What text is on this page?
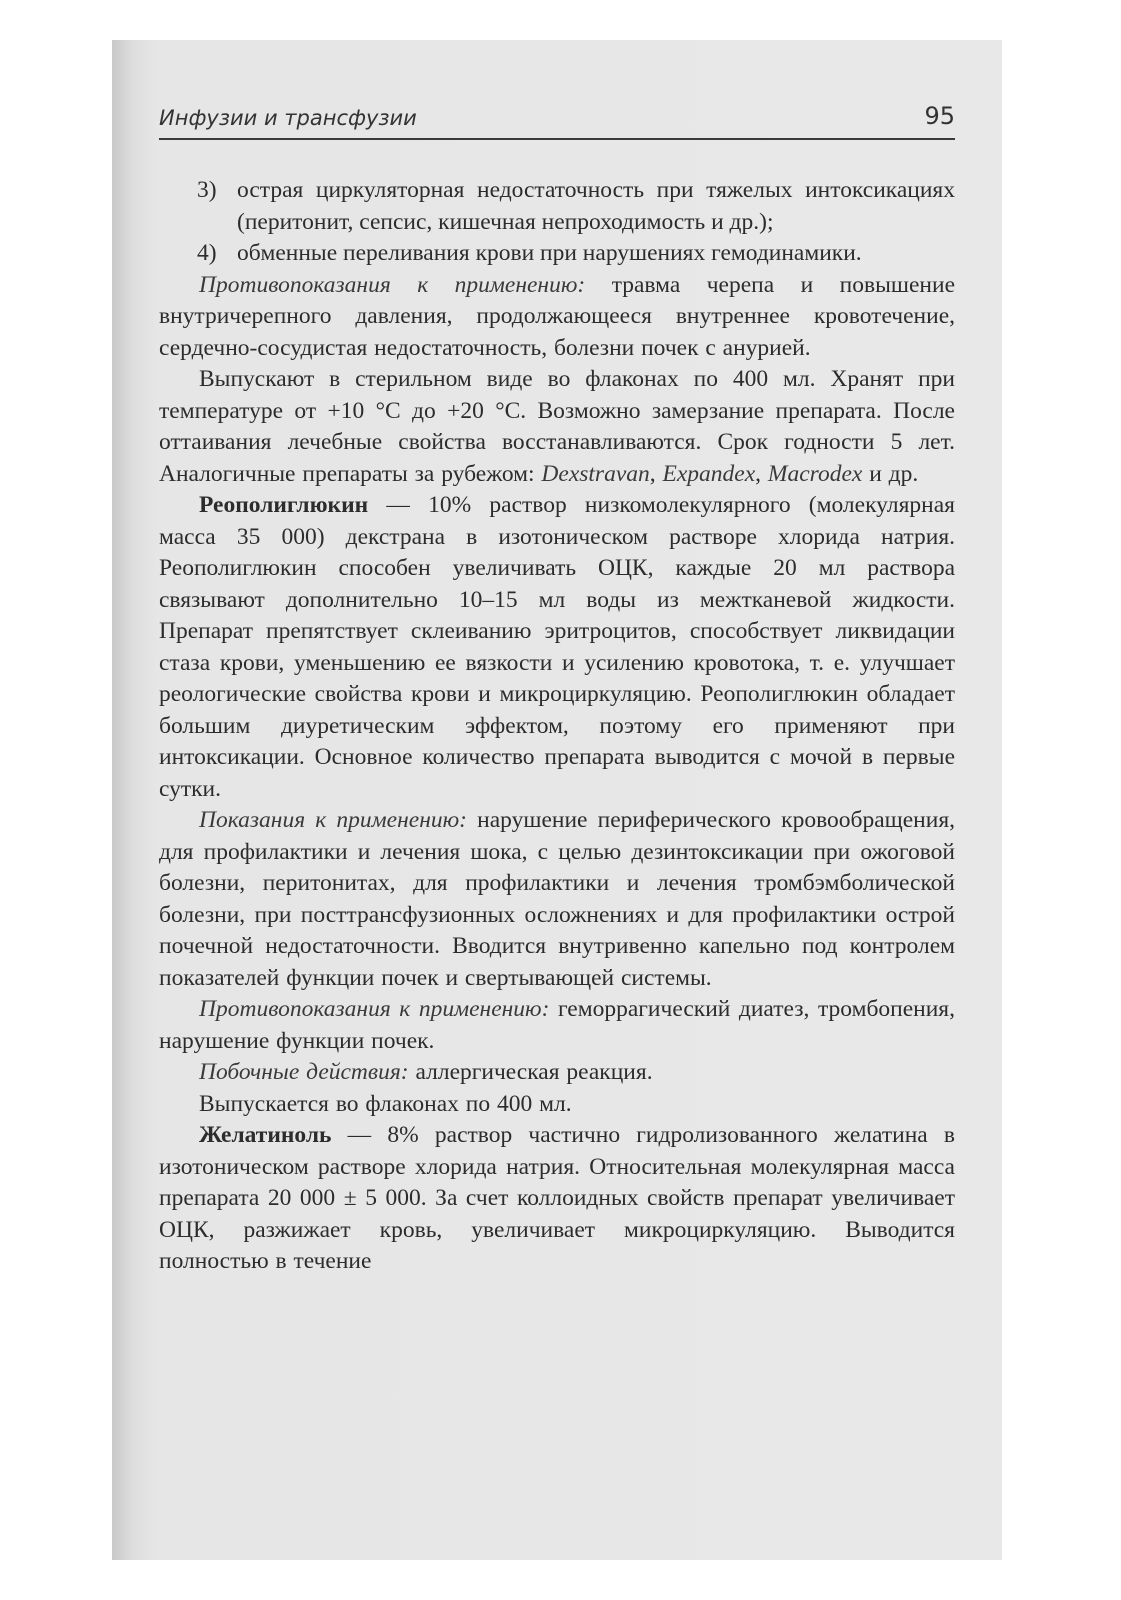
Инфузии и трансфузии	95
3) острая циркуляторная недостаточность при тяжелых интоксикациях (перитонит, сепсис, кишечная непроходимость и др.);
4) обменные переливания крови при нарушениях гемодинамики.

Противопоказания к применению: травма черепа и повышение внутричерепного давления, продолжающееся внутреннее кровотечение, сердечно-сосудистая недостаточность, болезни почек с анурией.

Выпускают в стерильном виде во флаконах по 400 мл. Хранят при температуре от +10 °С до +20 °С. Возможно замерзание препарата. После оттаивания лечебные свойства восстанавливаются. Срок годности 5 лет. Аналогичные препараты за рубежом: Dexstravan, Expandex, Macrodex и др.

Реополиглюкин — 10% раствор низкомолекулярного (молекулярная масса 35 000) декстрана в изотоническом растворе хлорида натрия. Реополиглюкин способен увеличивать ОЦК, каждые 20 мл раствора связывают дополнительно 10–15 мл воды из межтканевой жидкости. Препарат препятствует склеиванию эритроцитов, способствует ликвидации стаза крови, уменьшению ее вязкости и усилению кровотока, т. е. улучшает реологические свойства крови и микроциркуляцию. Реополиглюкин обладает большим диуретическим эффектом, поэтому его применяют при интоксикации. Основное количество препарата выводится с мочой в первые сутки.

Показания к применению: нарушение периферического кровообращения, для профилактики и лечения шока, с целью дезинтоксикации при ожоговой болезни, перитонитах, для профилактики и лечения тромбэмболической болезни, при посттрансфузионных осложнениях и для профилактики острой почечной недостаточности. Вводится внутривенно капельно под контролем показателей функции почек и свертывающей системы.

Противопоказания к применению: геморрагический диатез, тромбопения, нарушение функции почек.

Побочные действия: аллергическая реакция.

Выпускается во флаконах по 400 мл.

Желатиноль — 8% раствор частично гидролизованного желатина в изотоническом растворе хлорида натрия. Относительная молекулярная масса препарата 20 000 ± 5 000. За счет коллоидных свойств препарат увеличивает ОЦК, разжижает кровь, увеличивает микроциркуляцию. Выводится полностью в течение
